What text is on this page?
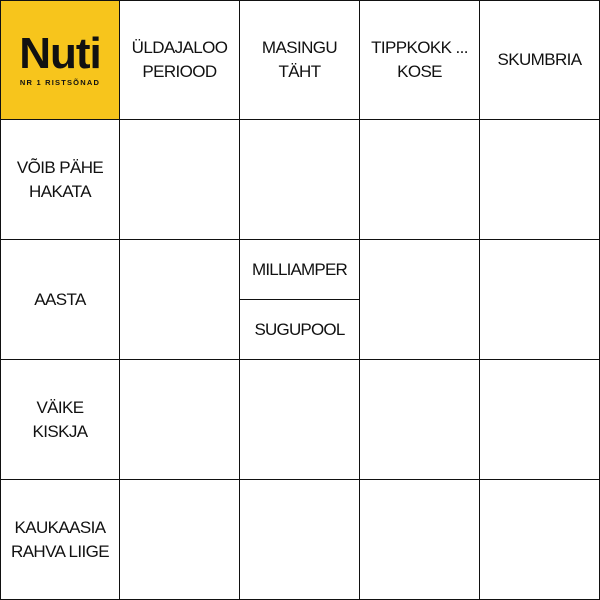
Nuti
NR 1 RISTSÕNAD
ÜLDAJALOO
PERIOOD
MASINGU
TÄHT
TIPPKOKK ...
KOSE
SKUMBRIA
VÕIB PÄHE
HAKATA
AASTA
MILLIAMPER
SUGUPOOL
VÄIKE
KISKJA
KAUKAASIA
RAHVA LIIGE
